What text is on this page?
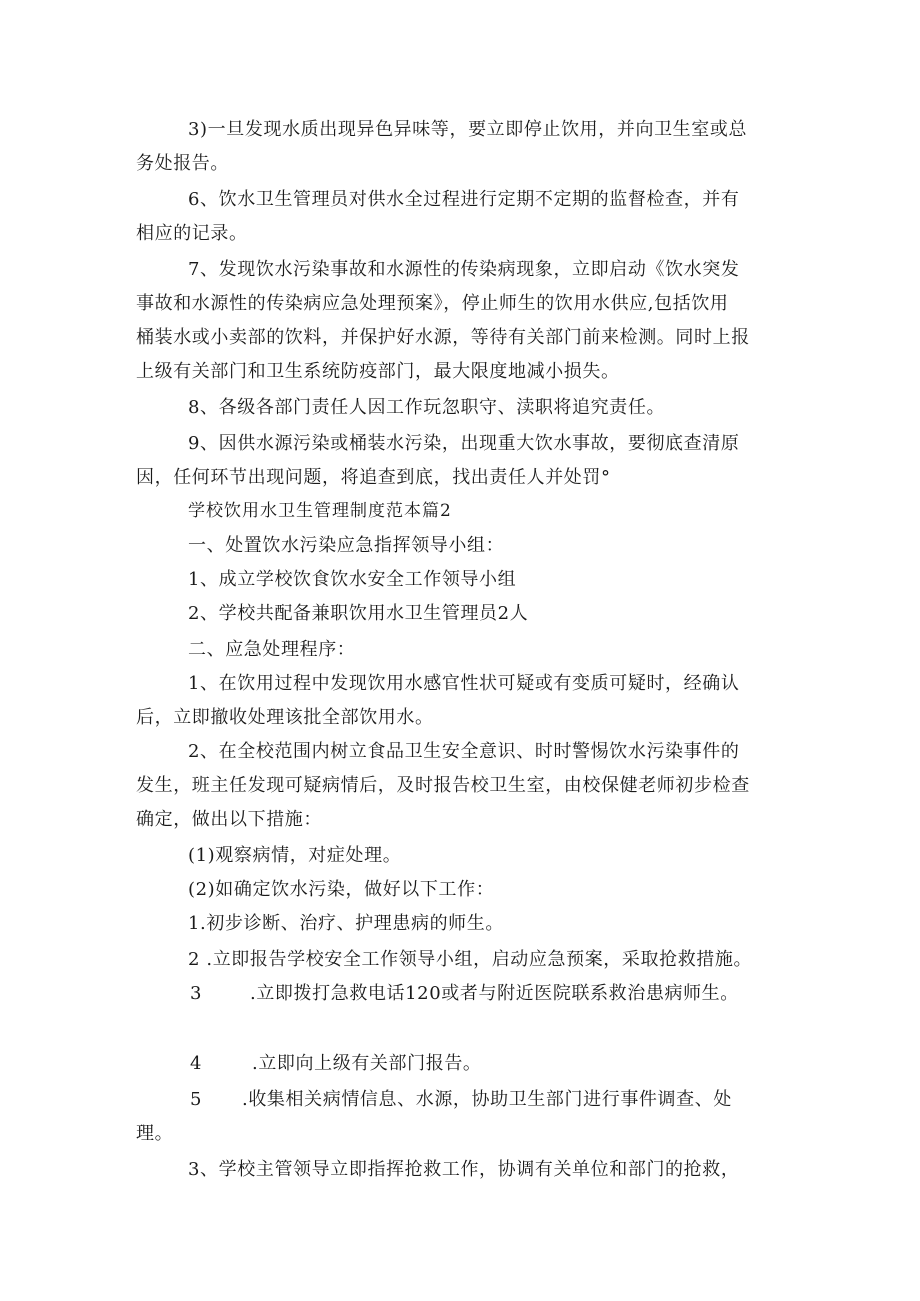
3)一旦发现水质出现异色异味等，要立即停止饮用，并向卫生室或总
务处报告。
6、饮水卫生管理员对供水全过程进行定期不定期的监督检查，并有
相应的记录。
7、发现饮水污染事故和水源性的传染病现象，立即启动《饮水突发
事故和水源性的传染病应急处理预案》，停止师生的饮用水供应,包括饮用
桶装水或小卖部的饮料，并保护好水源，等待有关部门前来检测。同时上报
上级有关部门和卫生系统防疫部门，最大限度地减小损失。
8、各级各部门责任人因工作玩忽职守、渎职将追究责任。
9、因供水源污染或桶装水污染，出现重大饮水事故，要彻底查清原
因，任何环节出现问题，将追查到底，找出责任人并处罚°
学校饮用水卫生管理制度范本篇2
一、处置饮水污染应急指挥领导小组：
1、成立学校饮食饮水安全工作领导小组
2、学校共配备兼职饮用水卫生管理员2人
二、应急处理程序：
1、在饮用过程中发现饮用水感官性状可疑或有变质可疑时，经确认
后，立即撤收处理该批全部饮用水。
2、在全校范围内树立食品卫生安全意识、时时警惕饮水污染事件的
发生，班主任发现可疑病情后，及时报告校卫生室，由校保健老师初步检查
确定，做出以下措施：
(1)观察病情，对症处理。
(2)如确定饮水污染，做好以下工作：
1.初步诊断、治疗、护理患病的师生。
2 .立即报告学校安全工作领导小组，启动应急预案，采取抢救措施。
3	.立即拨打急救电话120或者与附近医院联系救治患病师生。
4	.立即向上级有关部门报告。
5 .收集相关病情信息、水源，协助卫生部门进行事件调查、处
理。
3、学校主管领导立即指挥抢救工作，协调有关单位和部门的抢救，
